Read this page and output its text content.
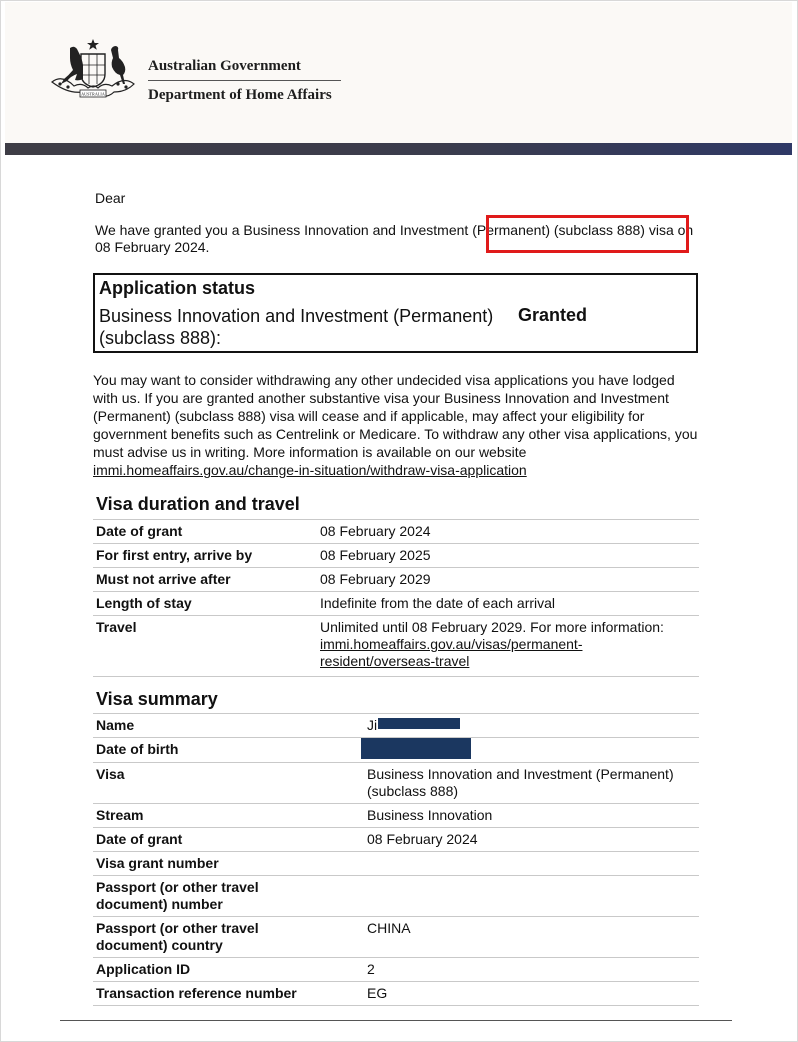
AUSTRALIA
Australian Government
Department of Home Affairs
Dear
We have granted you a Business Innovation and Investment (Permanent) (subclass 888) visa on 08 February 2024.
Application status
Business Innovation and Investment (Permanent) (subclass 888):
Granted
You may want to consider withdrawing any other undecided visa applications you have lodged with us. If you are granted another substantive visa your Business Innovation and Investment (Permanent) (subclass 888) visa will cease and if applicable, may affect your eligibility for government benefits such as Centrelink or Medicare. To withdraw any other visa applications, you must advise us in writing. More information is available on our website immi.homeaffairs.gov.au/change-in-situation/withdraw-visa-application
Visa duration and travel
Date of grant	08 February 2024
For first entry, arrive by	08 February 2025
Must not arrive after	08 February 2029
Length of stay	Indefinite from the date of each arrival
Travel	Unlimited until 08 February 2029. For more information:
immi.homeaffairs.gov.au/visas/permanent-resident/overseas-travel
Visa summary
Name	Ji
Date of birth	
Visa	Business Innovation and Investment (Permanent) (subclass 888)
Stream	Business Innovation
Date of grant	08 February 2024
Visa grant number	
Passport (or other travel document) number	
Passport (or other travel document) country	CHINA
Application ID	2
Transaction reference number	EG
